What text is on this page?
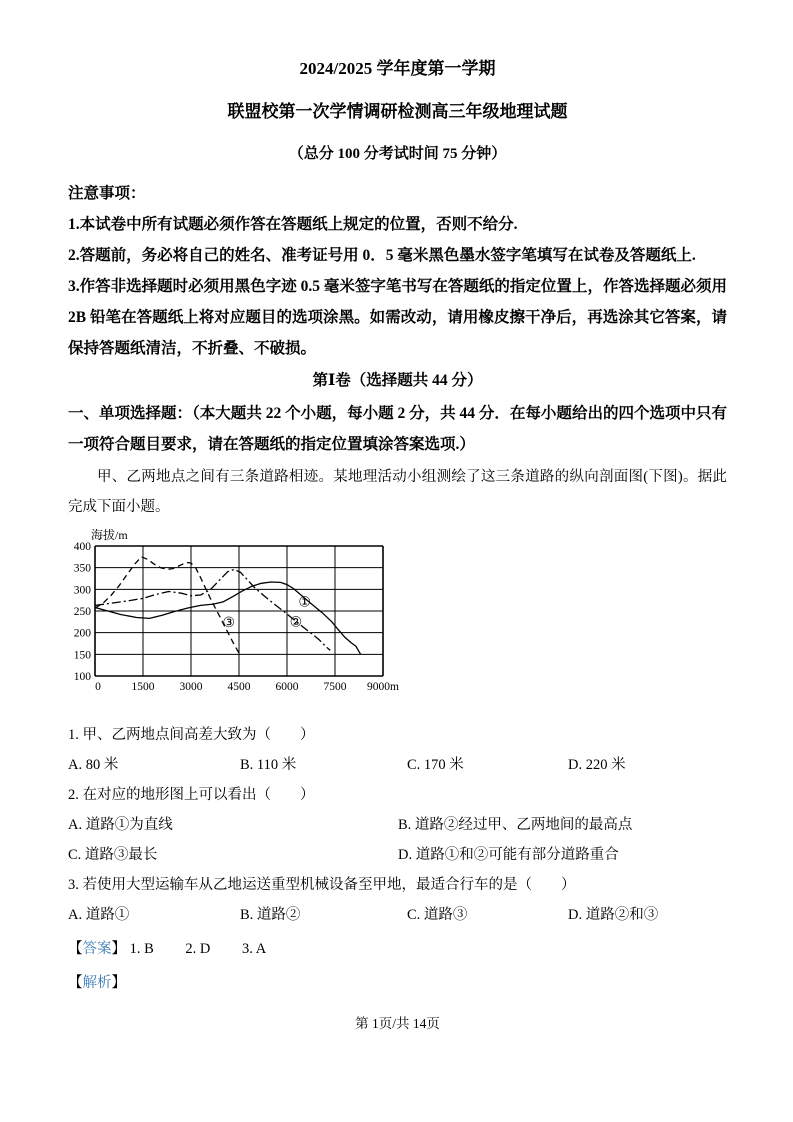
2024/2025 学年度第一学期
联盟校第一次学情调研检测高三年级地理试题
（总分 100 分考试时间 75 分钟）

注意事项：

1.本试卷中所有试题必须作答在答题纸上规定的位置，否则不给分.

2.答题前，务必将自己的姓名、准考证号用 0．5 毫米黑色墨水签字笔填写在试卷及答题纸上.

3.作答非选择题时必须用黑色字迹 0.5 毫米签字笔书写在答题纸的指定位置上，作答选择题必须用 2B 铅笔在答题纸上将对应题目的选项涂黑。如需改动，请用橡皮擦干净后，再选涂其它答案，请保持答题纸清洁，不折叠、不破损。

第Ⅰ卷（选择题共 44 分）

一、单项选择题：（本大题共 22 个小题，每小题 2 分，共 44 分．在每小题给出的四个选项中只有一项符合题目要求，请在答题纸的指定位置填涂答案选项.）

甲、乙两地点之间有三条道路相迹。某地理活动小组测绘了这三条道路的纵向剖面图(下图)。据此完成下面小题。

0	1500 3000 4500 6000 7500 9000m
100
150
200
250
300
350
400
海拔/m
①
②
③

1. 甲、乙两地点间高差大致为（　　）

A. 80 米	B. 110 米	C. 170 米	D. 220 米

2. 在对应的地形图上可以看出（　　）

A. 道路①为直线	B. 道路②经过甲、乙两地间的最高点
C. 道路③最长	D. 道路①和②可能有部分道路重合

3. 若使用大型运输车从乙地运送重型机械设备至甲地，最适合行车的是（　　）

A. 道路①	B. 道路②	C. 道路③	D. 道路②和③

【答案】 1. B 2. D 3. A

【解析】

第 1页/共 14页
